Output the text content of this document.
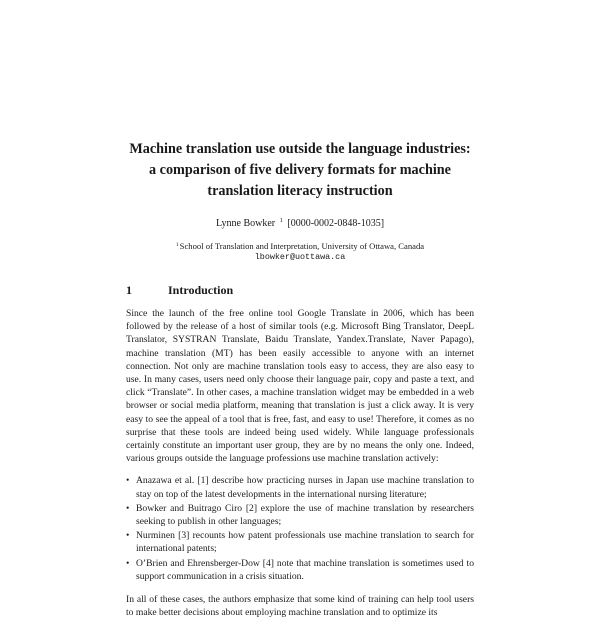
Machine translation use outside the language industries:
a comparison of five delivery formats for machine
translation literacy instruction
Lynne Bowker $^1$ [0000-0002-0848-1035]
$^1$School of Translation and Interpretation, University of Ottawa, Canada
lbowker@uottawa.ca
1	Introduction

Since the launch of the free online tool Google Translate in 2006, which has been followed by the release of a host of similar tools (e.g. Microsoft Bing Translator, DeepL Translator, SYSTRAN Translate, Baidu Translate, Yandex.Translate, Naver Papago), machine translation (MT) has been easily accessible to anyone with an internet connection. Not only are machine translation tools easy to access, they are also easy to use. In many cases, users need only choose their language pair, copy and paste a text, and click “Translate”. In other cases, a machine translation widget may be embedded in a web browser or social media platform, meaning that translation is just a click away. It is very easy to see the appeal of a tool that is free, fast, and easy to use! Therefore, it comes as no surprise that these tools are indeed being used widely. While language professionals certainly constitute an important user group, they are by no means the only one. Indeed, various groups outside the language professions use machine translation actively:

• Anazawa et al. [1] describe how practicing nurses in Japan use machine translation to stay on top of the latest developments in the international nursing literature;
• Bowker and Buitrago Ciro [2] explore the use of machine translation by researchers seeking to publish in other languages;
• Nurminen [3] recounts how patent professionals use machine translation to search for international patents;
• O’Brien and Ehrensberger-Dow [4] note that machine translation is sometimes used to support communication in a crisis situation.

In all of these cases, the authors emphasize that some kind of training can help tool users to make better decisions about employing machine translation and to optimize its
